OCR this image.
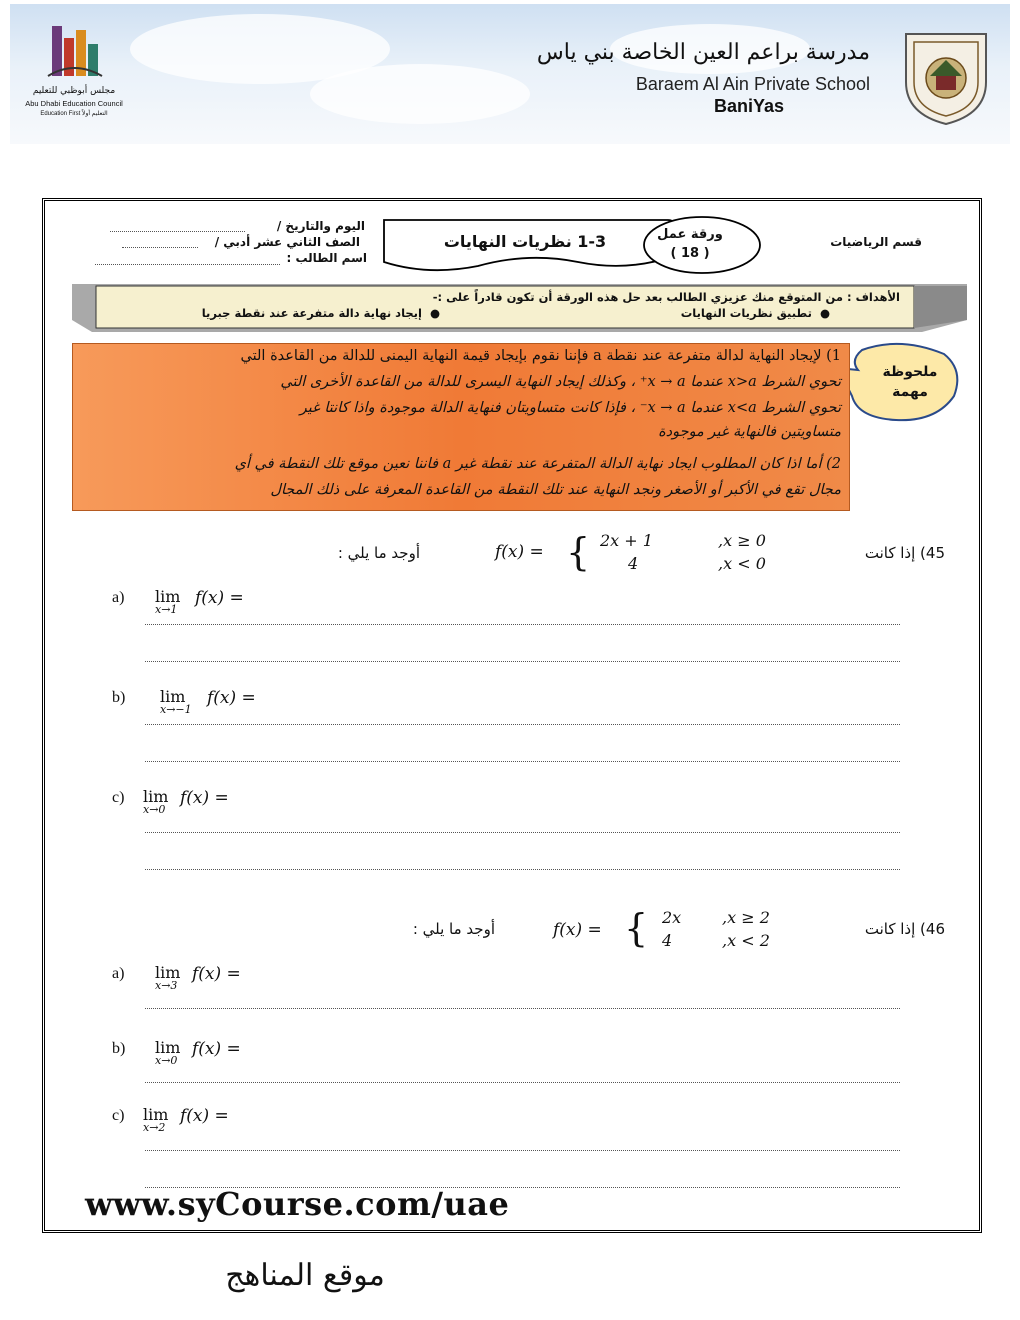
مجلس أبوظبي للتعليم
Abu Dhabi Education Council
Education First التعليم أولاً
مدرسة براعم العين الخاصة بني ياس
Baraem Al Ain Private School
BaniYas
اليوم والتاريخ /
الصف الثاني عشر أدبي /
اسم الطالب :
1-3 نظريات النهايات	ورقة عمل
( 18 )
قسم الرياضيات
الأهداف : من المتوقع منك عزيزي الطالب بعد حل هذه الورقة أن تكون قادراً على :-
●  تطبيق نظريات النهايات
●  إيجاد نهاية دالة متفرعة عند نقطة جبريا
ملحوظة
مهمة
1) لإيجاد النهاية لدالة متفرعة عند نقطة a فإننا نقوم بإيجاد قيمة النهاية اليمنى للدالة من القاعدة التي
تحوي الشرط x>a عندما x → a⁺ ، وكذلك إيجاد النهاية اليسرى للدالة من القاعدة الأخرى التي
تحوي الشرط x<a عندما x → a⁻ ، فإذا كانت متساويتان فنهاية الدالة موجودة واذا كانتا غير
متساويتين فالنهاية غير موجودة
2) أما اذا كان المطلوب ايجاد نهاية الدالة المتفرعة عند نقطة غير a فاننا نعين موقع تلك النقطة في أي
مجال تقع في الأكبر أو الأصغر ونجد النهاية عند تلك النقطة من القاعدة المعرفة على ذلك المجال
45) إذا كانت
f(x) = { 2x + 1
4
,x ≥ 0
,x < 0
أوجد ما يلي :
a) lim
x→1
f(x) =
b) lim
x→−1
f(x) =
c) lim
x→0
f(x) =
46) إذا كانت
f(x) = { 2x
4
,x ≥ 2
,x < 2
أوجد ما يلي :
a) lim
x→3
f(x) =
b) lim
x→0
f(x) =
c) lim
x→2
f(x) =
www.syCourse.com/uae
موقع المناهج
